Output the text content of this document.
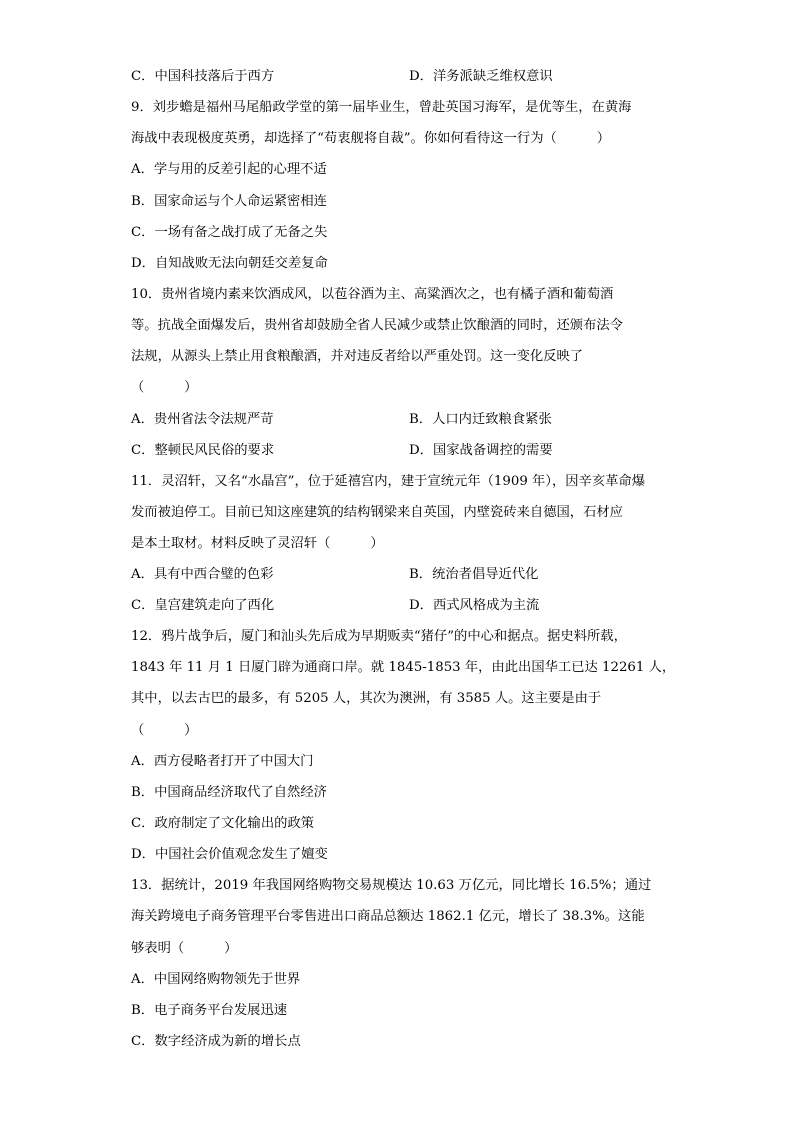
C．中国科技落后于西方	D．洋务派缺乏维权意识
9．刘步蟾是福州马尾船政学堂的第一届毕业生，曾赴英国习海军，是优等生，在黄海
海战中表现极度英勇，却选择了“苟衷舰将自裁”。你如何看待这一行为（　　　）
A．学与用的反差引起的心理不适
B．国家命运与个人命运紧密相连
C．一场有备之战打成了无备之失
D．自知战败无法向朝廷交差复命
10．贵州省境内素来饮酒成风，以苞谷酒为主、高粱酒次之，也有橘子酒和葡萄酒
等。抗战全面爆发后，贵州省却鼓励全省人民减少或禁止饮酿酒的同时，还颁布法令
法规，从源头上禁止用食粮酿酒，并对违反者给以严重处罚。这一变化反映了
（　　　）
A．贵州省法令法规严苛	B．人口内迁致粮食紧张
C．整顿民风民俗的要求	D．国家战备调控的需要
11．灵沼轩，又名“水晶宫”，位于延禧宫内，建于宣统元年（1909 年），因辛亥革命爆
发而被迫停工。目前已知这座建筑的结构钢梁来自英国，内壁瓷砖来自德国，石材应
是本土取材。材料反映了灵沼轩（　　　）
A．具有中西合璧的色彩	B．统治者倡导近代化
C．皇宫建筑走向了西化	D．西式风格成为主流
12．鸦片战争后，厦门和汕头先后成为早期贩卖“猪仔”的中心和据点。据史料所载，
1843 年 11 月 1 日厦门辟为通商口岸。就 1845-1853 年，由此出国华工已达 12261 人，
其中，以去古巴的最多，有 5205 人，其次为澳洲，有 3585 人。这主要是由于
（　　　）
A．西方侵略者打开了中国大门
B．中国商品经济取代了自然经济
C．政府制定了文化输出的政策
D．中国社会价值观念发生了嬗变
13．据统计，2019 年我国网络购物交易规模达 10.63 万亿元，同比增长 16.5%；通过
海关跨境电子商务管理平台零售进出口商品总额达 1862.1 亿元，增长了 38.3%。这能
够表明（　　　）
A．中国网络购物领先于世界
B．电子商务平台发展迅速
C．数字经济成为新的增长点
